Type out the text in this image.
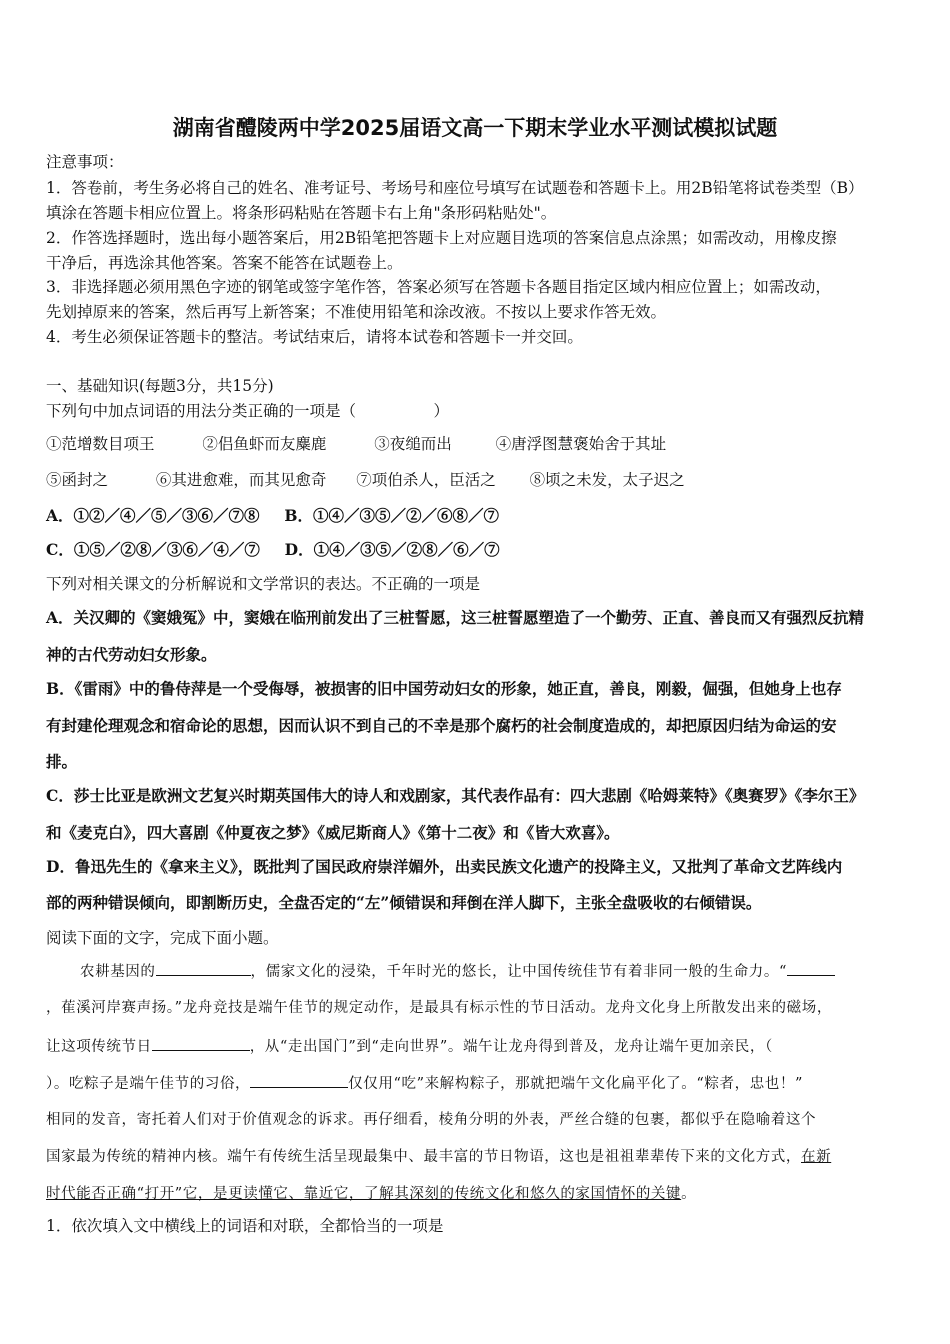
湖南省醴陵两中学2025届语文高一下期末学业水平测试模拟试题
注意事项：
1．答卷前，考生务必将自己的姓名、准考证号、考场号和座位号填写在试题卷和答题卡上。用2B铅笔将试卷类型（B）
填涂在答题卡相应位置上。将条形码粘贴在答题卡右上角"条形码粘贴处"。
2．作答选择题时，选出每小题答案后，用2B铅笔把答题卡上对应题目选项的答案信息点涂黑；如需改动，用橡皮擦
干净后，再选涂其他答案。答案不能答在试题卷上。
3．非选择题必须用黑色字迹的钢笔或签字笔作答，答案必须写在答题卡各题目指定区域内相应位置上；如需改动，
先划掉原来的答案，然后再写上新答案；不准使用铅笔和涂改液。不按以上要求作答无效。
4．考生必须保证答题卡的整洁。考试结束后，请将本试卷和答题卡一并交回。
一、基础知识(每题3分，共15分)
下列句中加点词语的用法分类正确的一项是（　　　　　）
①范增数目项王	②侣鱼虾而友麋鹿	③夜缒而出	④唐浮图慧褒始舍于其址
⑤函封之	⑥其进愈难，而其见愈奇 ⑦项伯杀人，臣活之 ⑧顷之未发，太子迟之
A．①②／④／⑤／③⑥／⑦⑧ B．①④／③⑤／②／⑥⑧／⑦
C．①⑤／②⑧／③⑥／④／⑦ D．①④／③⑤／②⑧／⑥／⑦
下列对相关课文的分析解说和文学常识的表达。不正确的一项是
A．关汉卿的《窦娥冤》中，窦娥在临刑前发出了三桩誓愿，这三桩誓愿塑造了一个勤劳、正直、善良而又有强烈反抗精
神的古代劳动妇女形象。
B．《雷雨》中的鲁侍萍是一个受侮辱，被损害的旧中国劳动妇女的形象，她正直，善良，刚毅，倔强，但她身上也存
有封建伦理观念和宿命论的思想，因而认识不到自己的不幸是那个腐朽的社会制度造成的，却把原因归结为命运的安
排。
C．莎士比亚是欧洲文艺复兴时期英国伟大的诗人和戏剧家，其代表作品有：四大悲剧《哈姆莱特》《奥赛罗》《李尔王》
和《麦克白》，四大喜剧《仲夏夜之梦》《威尼斯商人》《第十二夜》和《皆大欢喜》。
D．鲁迅先生的《拿来主义》，既批判了国民政府崇洋媚外，出卖民族文化遗产的投降主义，又批判了革命文艺阵线内
部的两种错误倾向，即割断历史，全盘否定的“左”倾错误和拜倒在洋人脚下，主张全盘吸收的右倾错误。
阅读下面的文字，完成下面小题。
农耕基因的	，儒家文化的浸染，千年时光的悠长，让中国传统佳节有着非同一般的生命力。“
，萑溪河岸赛声扬。”龙舟竞技是端午佳节的规定动作，是最具有标示性的节日活动。龙舟文化身上所散发出来的磁场，
让这项传统节日	，从“走出国门”到“走向世界”。端午让龙舟得到普及，龙舟让端午更加亲民，（
）。吃粽子是端午佳节的习俗，	仅仅用“吃”来解构粽子，那就把端午文化扁平化了。“粽者，忠也！”
相同的发音，寄托着人们对于价值观念的诉求。再仔细看，棱角分明的外表，严丝合缝的包裹，都似乎在隐喻着这个
国家最为传统的精神内核。端午有传统生活呈现最集中、最丰富的节日物语，这也是祖祖辈辈传下来的文化方式，在新
时代能否正确“打开”它，是更读懂它、靠近它，了解其深刻的传统文化和悠久的家国情怀的关键。
1．依次填入文中横线上的词语和对联，全都恰当的一项是
